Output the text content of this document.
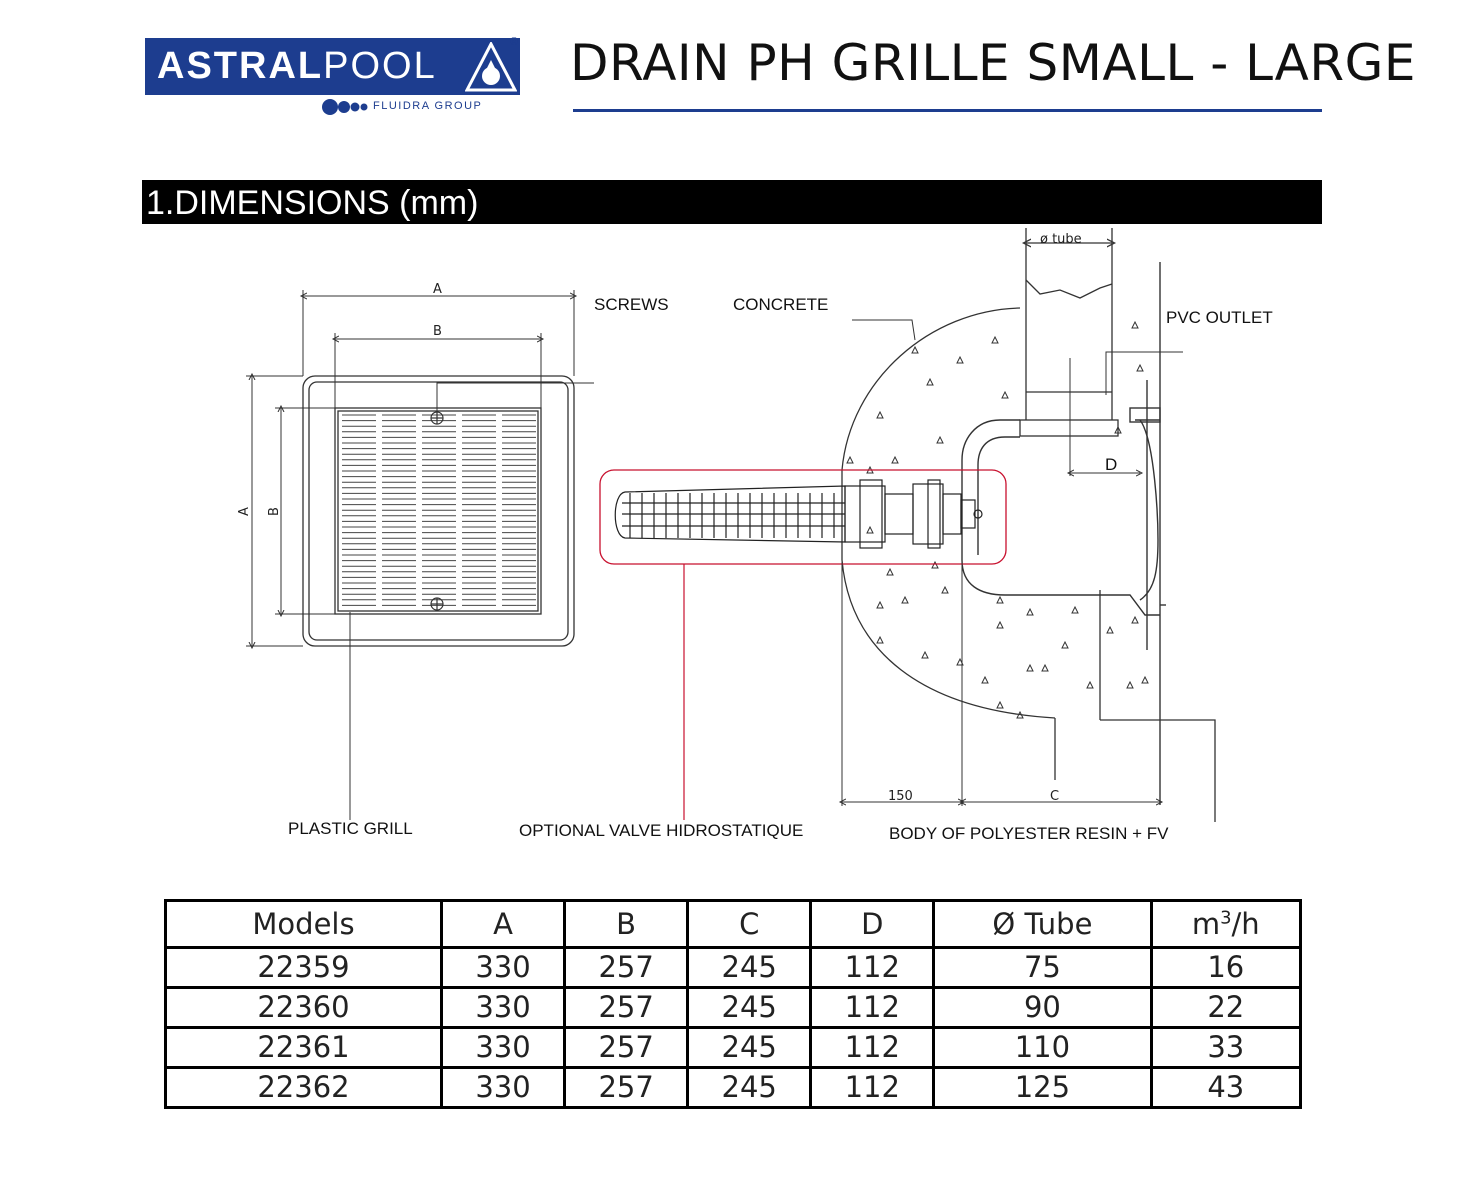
ASTRALPOOL
®
FLUIDRA GROUP
DRAIN PH GRILLE SMALL - LARGE
1.DIMENSIONS (mm)
A
B
A B
ø tube
D
150	C
SCREWS	CONCRETE
PVC OUTLET
PLASTIC GRILL	OPTIONAL VALVE HIDROSTATIQUE	BODY OF POLYESTER RESIN + FV
Models	A	B	C	D	Ø Tube	$m^3/h$
22359	330	257	245	112	75	16
22360	330	257	245	112	90	22
22361	330	257	245	112	110	33
22362	330	257	245	112	125	43
